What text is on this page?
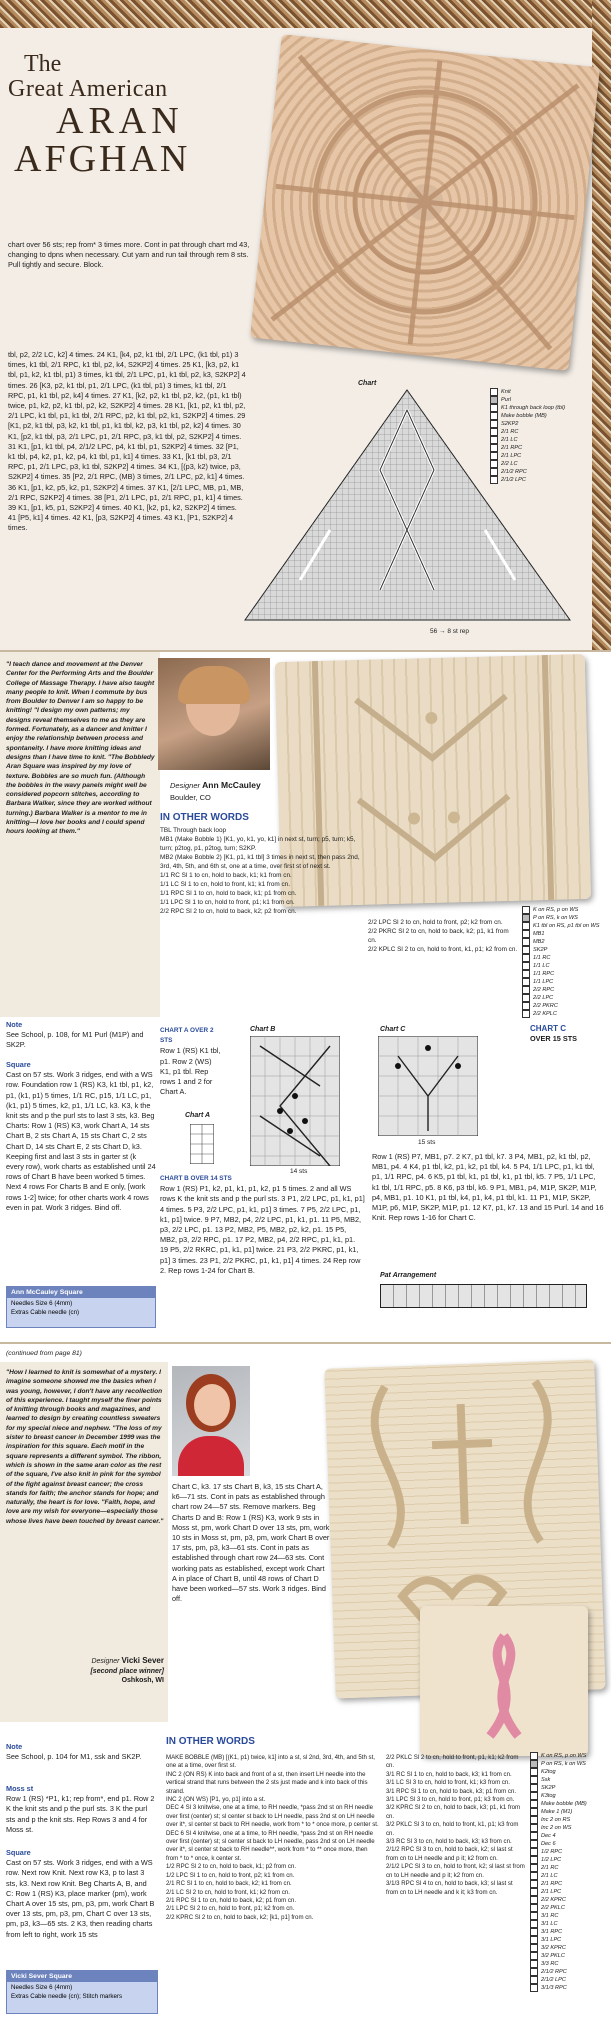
The
Great American
ARAN
AFGHAN
chart over 56 sts; rep from* 3 times more. Cont in pat through chart rnd 43, changing to dpns when necessary. Cut yarn and run tail through rem 8 sts. Pull tightly and secure. Block.
tbl, p2, 2/2 LC, k2] 4 times. 24 K1, [k4, p2, k1 tbl, 2/1 LPC, (k1 tbl, p1) 3 times, k1 tbl, 2/1 RPC, k1 tbl, p2, k4, S2KP2] 4 times. 25 K1, [k3, p2, k1 tbl, p1, k2, k1 tbl, p1) 3 times, k1 tbl, 2/1 LPC, p1, k1 tbl, p2, k3, S2KP2] 4 times. 26 [K3, p2, k1 tbl, p1, 2/1 LPC, (k1 tbl, p1) 3 times, k1 tbl, 2/1 RPC, p1, k1 tbl, p2, k4] 4 times. 27 K1, [k2, p2, k1 tbl, p2, k2, (p1, k1 tbl) twice, p1, k2, p2, k1 tbl, p2, k2, S2KP2] 4 times. 28 K1, [k1, p2, k1 tbl, p2, 2/1 LPC, k1 tbl, p1, k1 tbl, 2/1 RPC, p2, k1 tbl, p2, k1, S2KP2] 4 times. 29 [K1, p2, k1 tbl, p3, k2, k1 tbl, p1, k1 tbl, k2, p3, k1 tbl, p2, k2] 4 times. 30 K1, [p2, k1 tbl, p3, 2/1 LPC, p1, 2/1 RPC, p3, k1 tbl, p2, S2KP2] 4 times. 31 K1, [p1, k1 tbl, p4, 2/1/2 LPC, p4, k1 tbl, p1, S2KP2] 4 times. 32 [P1, k1 tbl, p4, k2, p1, k2, p4, k1 tbl, p1, k1] 4 times. 33 K1, [k1 tbl, p3, 2/1 RPC, p1, 2/1 LPC, p3, k1 tbl, S2KP2] 4 times. 34 K1, [(p3, k2) twice, p3, S2KP2] 4 times. 35 [P2, 2/1 RPC, (MB) 3 times, 2/1 LPC, p2, k1] 4 times. 36 K1, [p1, k2, p5, k2, p1, S2KP2] 4 times. 37 K1, [2/1 LPC, MB, p1, MB, 2/1 RPC, S2KP2] 4 times. 38 [P1, 2/1 LPC, p1, 2/1 RPC, p1, k1] 4 times. 39 K1, [p1, k5, p1, S2KP2] 4 times. 40 K1, [k2, p1, k2, S2KP2] 4 times. 41 [P5, k1] 4 times. 42 K1, [p3, S2KP2] 4 times. 43 K1, [P1, S2KP2] 4 times.
Chart
56 → 8 st rep
Knit
Purl
K1 through back loop (tbl)
Make bobble (MB)
S2KP2
2/1 RC
2/1 LC
2/1 RPC
2/1 LPC
2/2 LC
2/1/2 RPC
2/1/2 LPC
"I teach dance and movement at the Denver Center for the Performing Arts and the Boulder College of Massage Therapy. I have also taught many people to knit. When I commute by bus from Boulder to Denver I am so happy to be knitting! "I design my own patterns; my designs reveal themselves to me as they are formed. Fortunately, as a dancer and knitter I enjoy the relationship between process and spontaneity. I have more knitting ideas and designs than I have time to knit. "The Bobbledy Aran Square was inspired by my love of texture. Bobbles are so much fun. (Although the bobbles in the wavy panels might well be considered popcorn stitches, according to Barbara Walker, since they are worked without turning.) Barbara Walker is a mentor to me in knitting—I love her books and I could spend hours looking at them."
Designer Ann McCauley
Boulder, CO
IN OTHER WORDS
TBL Through back loop
MB1 (Make Bobble 1) [K1, yo, k1, yo, k1] in next st, turn; p5, turn; k5, turn; p2tog, p1, p2tog, turn; S2KP.
MB2 (Make Bobble 2) [K1, p1, k1 tbl] 3 times in next st, then pass 2nd, 3rd, 4th, 5th, and 6th st, one at a time, over first st of next st.
1/1 RC Sl 1 to cn, hold to back, k1; k1 from cn.
1/1 LC Sl 1 to cn, hold to front, k1; k1 from cn.
1/1 RPC Sl 1 to cn, hold to back, k1; p1 from cn.
1/1 LPC Sl 1 to cn, hold to front, p1; k1 from cn.
2/2 RPC Sl 2 to cn, hold to back, k2; p2 from cn.
2/2 LPC Sl 2 to cn, hold to front, p2; k2 from cn.
2/2 PKRC Sl 2 to cn, hold to back, k2; p1, k1 from cn.
2/2 KPLC Sl 2 to cn, hold to front, k1, p1; k2 from cn.
K on RS, p on WS
P on RS, k on WS
K1 tbl on RS, p1 tbl on WS
MB1
MB2
SK2P
1/1 RC
1/1 LC
1/1 RPC
1/1 LPC
2/2 RPC
2/2 LPC
2/2 PKRC
2/2 KPLC
Note
See School, p. 108, for M1 Purl (M1P) and SK2P.
Square
Cast on 57 sts. Work 3 ridges, end with a WS row. Foundation row 1 (RS) K3, k1 tbl, p1, k2, p1, (k1, p1) 5 times, 1/1 RC, p15, 1/1 LC, p1, (k1, p1) 5 times, k2, p1, 1/1 LC, k3. K3, k the knit sts and p the purl sts to last 3 sts, k3. Beg Charts: Row 1 (RS) K3, work Chart A, 14 sts Chart B, 2 sts Chart A, 15 sts Chart C, 2 sts Chart D, 14 sts Chart E, 2 sts Chart D, k3. Keeping first and last 3 sts in garter st (k every row), work charts as established until 24 rows of Chart B have been worked 5 times. Next 4 rows For Charts B and E only, [work rows 1-2] twice; for other charts work 4 rows even in pat. Work 3 ridges. Bind off.
Ann McCauley Square
Needles Size 6 (4mm)
Extras Cable needle (cn)
CHART A OVER 2 STS
Row 1 (RS) K1 tbl, p1. Row 2 (WS) K1, p1 tbl. Rep rows 1 and 2 for Chart A.
Chart A
CHART B OVER 14 STS
Row 1 (RS) P1, k2, p1, k1, p1, k2, p1 5 times. 2 and all WS rows K the knit sts and p the purl sts. 3 P1, 2/2 LPC, p1, k1, p1] 4 times. 5 P3, 2/2 LPC, p1, k1, p1] 3 times. 7 P5, 2/2 LPC, p1, k1, p1] twice. 9 P7, MB2, p4, 2/2 LPC, p1, k1, p1. 11 P5, MB2, p3, 2/2 LPC, p1. 13 P2, MB2, P5, MB2, p2, k2, p1. 15 P5, MB2, p3, 2/2 RPC, p1. 17 P2, MB2, p4, 2/2 RPC, p1, k1, p1. 19 P5, 2/2 RKRC, p1, k1, p1] twice. 21 P3, 2/2 PKRC, p1, k1, p1] 3 times. 23 P1, 2/2 PKRC, p1, k1, p1] 4 times. 24 Rep row 2. Rep rows 1-24 for Chart B.
Chart B
14 sts
Chart C
15 sts
CHART C
OVER 15 STS
Row 1 (RS) P7, MB1, p7. 2 K7, p1 tbl, k7. 3 P4, MB1, p2, k1 tbl, p2, MB1, p4. 4 K4, p1 tbl, k2, p1, k2, p1 tbl, k4. 5 P4, 1/1 LPC, p1, k1 tbl, p1, 1/1 RPC, p4. 6 K5, p1 tbl, k1, p1 tbl, k1, p1 tbl, k5. 7 P5, 1/1 LPC, k1 tbl, 1/1 RPC, p5. 8 K6, p3 tbl, k6. 9 P1, MB1, p4, M1P, SK2P, M1P, p4, MB1, p1. 10 K1, p1 tbl, k4, p1, k4, p1 tbl, k1. 11 P1, M1P, SK2P, M1P, p6, M1P, SK2P, M1P, p1. 12 K7, p1, k7. 13 and 15 Purl. 14 and 16 Knit. Rep rows 1-16 for Chart C.
Pat Arrangement
(continued from page 81)
"How I learned to knit is somewhat of a mystery. I imagine someone showed me the basics when I was young, however, I don't have any recollection of this experience. I taught myself the finer points of knitting through books and magazines, and learned to design by creating countless sweaters for my special niece and nephew. "The loss of my sister to breast cancer in December 1999 was the inspiration for this square. Each motif in the square represents a different symbol. The ribbon, which is shown in the same aran color as the rest of the square, I've also knit in pink for the symbol of the fight against breast cancer; the cross stands for faith; the anchor stands for hope; and naturally, the heart is for love. "Faith, hope, and love are my wish for everyone—especially those whose lives have been touched by breast cancer."
Designer Vicki Sever
[second place winner]
Oshkosh, WI
Chart C, k3. 17 sts Chart B, k3, 15 sts Chart A, k6—71 sts. Cont in pats as established through chart row 24—57 sts. Remove markers. Beg Charts D and B: Row 1 (RS) K3, work 9 sts in Moss st, pm, work Chart D over 13 sts, pm, work 10 sts in Moss st, pm, p3, pm, work Chart B over 17 sts, pm, p3, k3—61 sts. Cont in pats as established through chart row 24—63 sts. Cont working pats as established, except work Chart A in place of Chart B, until 48 rows of Chart D have been worked—57 sts. Work 3 ridges. Bind off.
Note
See School, p. 104 for M1, ssk and SK2P.
Moss st
Row 1 (RS) *P1, k1; rep from*, end p1. Row 2 K the knit sts and p the purl sts. 3 K the purl sts and p the knit sts. Rep Rows 3 and 4 for Moss st.
Square
Cast on 57 sts. Work 3 ridges, end with a WS row. Next row Knit. Next row K3, p to last 3 sts, k3. Next row Knit. Beg Charts A, B, and C: Row 1 (RS) K3, place marker (pm), work Chart A over 15 sts, pm, p3, pm, work Chart B over 13 sts, pm, p3, pm, Chart C over 13 sts, pm, p3, k3—65 sts. 2 K3, then reading charts from left to right, work 15 sts
Vicki Sever Square
Needles Size 6 (4mm)
Extras Cable needle (cn); Stitch markers
IN OTHER WORDS
MAKE BOBBLE (MB) [(K1, p1) twice, k1] into a st, sl 2nd, 3rd, 4th, and 5th st, one at a time, over first st.
INC 2 (ON RS) K into back and front of a st, then insert LH needle into the vertical strand that runs between the 2 sts just made and k into back of this strand.
INC 2 (ON WS) [P1, yo, p1] into a st.
DEC 4 Sl 3 knitwise, one at a time, to RH needle, *pass 2nd st on RH needle over first (center) st; sl center st back to LH needle, pass 2nd st on LH needle over it*, sl center st back to RH needle, work from * to * once more, p center st.
DEC 6 Sl 4 knitwise, one at a time, to RH needle, *pass 2nd st on RH needle over first (center) st; sl center st back to LH needle, pass 2nd st on LH needle over it*, sl center st back to RH needle**, work from * to ** once more, then from * to * once, k center st.
1/2 RPC Sl 2 to cn, hold to back, k1; p2 from cn.
1/2 LPC Sl 1 to cn, hold to front, p2; k1 from cn.
2/1 RC Sl 1 to cn, hold to back, k2; k1 from cn.
2/1 LC Sl 2 to cn, hold to front, k1; k2 from cn.
2/1 RPC Sl 1 to cn, hold to back, k2; p1 from cn.
2/1 LPC Sl 2 to cn, hold to front, p1; k2 from cn.
2/2 KPRC Sl 2 to cn, hold to back, k2; [k1, p1] from cn.
2/2 PKLC Sl 2 to cn, hold to front, p1, k1; k2 from cn.
3/1 RC Sl 1 to cn, hold to back, k3; k1 from cn.
3/1 LC Sl 3 to cn, hold to front, k1; k3 from cn.
3/1 RPC Sl 1 to cn, hold to back, k3; p1 from cn.
3/1 LPC Sl 3 to cn, hold to front, p1; k3 from cn.
3/2 KPRC Sl 2 to cn, hold to back, k3; p1, k1 from cn.
3/2 PKLC Sl 3 to cn, hold to front, k1, p1; k3 from cn.
3/3 RC Sl 3 to cn, hold to back, k3; k3 from cn.
2/1/2 RPC Sl 3 to cn, hold to back, k2; sl last st from cn to LH needle and p it; k2 from cn.
2/1/2 LPC Sl 3 to cn, hold to front, k2; sl last st from cn to LH needle and p it; k2 from cn.
3/1/3 RPC Sl 4 to cn, hold to back, k3; sl last st from cn to LH needle and k it; k3 from cn.
K on RS, p on WS
P on RS, k on WS
K2tog
Ssk
SK2P
K3tog
Make bobble (MB)
Make 1 (M1)
Inc 2 on RS
Inc 2 on WS
Dec 4
Dec 6
1/2 RPC
1/2 LPC
2/1 RC
2/1 LC
2/1 RPC
2/1 LPC
2/2 KPRC
2/2 PKLC
3/1 RC
3/1 LC
3/1 RPC
3/1 LPC
3/2 KPRC
3/2 PKLC
3/3 RC
2/1/2 RPC
2/1/2 LPC
3/1/3 RPC
